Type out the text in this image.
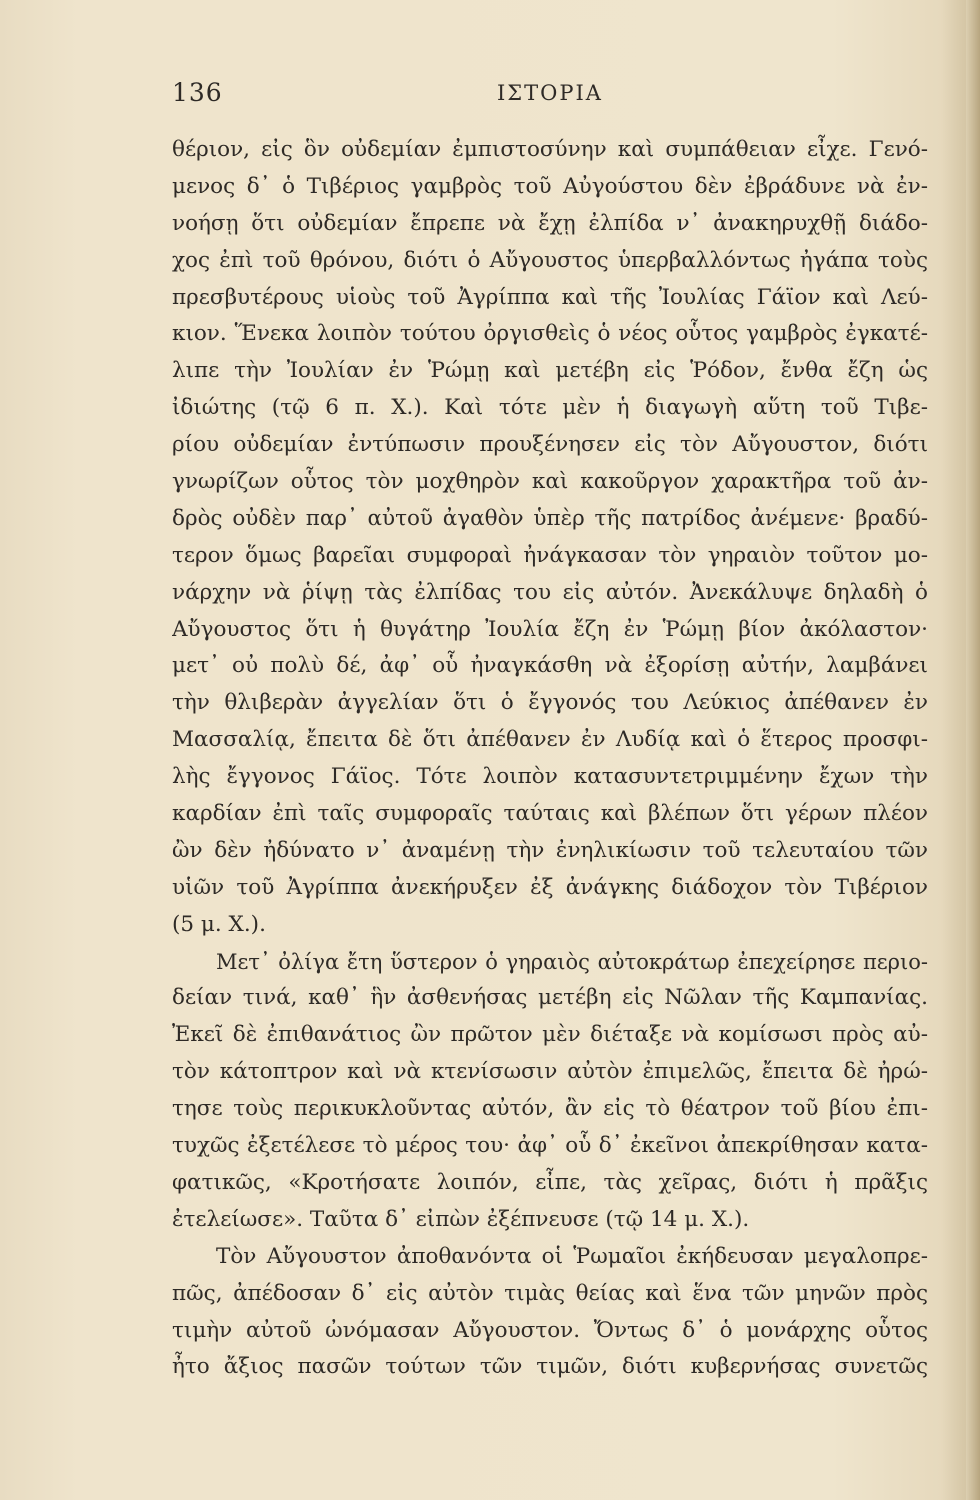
136	ΙΣΤΟΡΙΑ
θέριον, εἰς ὃν οὐδεμίαν ἐμπιστοσύνην καὶ συμπάθειαν εἶχε. Γενό-
μενος δ᾽ ὁ Τιβέριος γαμβρὸς τοῦ Αὐγούστου δὲν ἐβράδυνε νὰ ἐν-
νοήσῃ ὅτι οὐδεμίαν ἔπρεπε νὰ ἔχῃ ἐλπίδα ν᾽ ἀνακηρυχθῇ διάδο-
χος ἐπὶ τοῦ θρόνου, διότι ὁ Αὔγουστος ὑπερβαλλόντως ἠγάπα τοὺς
πρεσβυτέρους υἱοὺς τοῦ Ἀγρίππα καὶ τῆς Ἰουλίας Γάϊον καὶ Λεύ-
κιον. Ἕνεκα λοιπὸν τούτου ὀργισθεὶς ὁ νέος οὗτος γαμβρὸς ἐγκατέ-
λιπε τὴν Ἰουλίαν ἐν Ῥώμῃ καὶ μετέβη εἰς Ῥόδον, ἔνθα ἔζη ὡς
ἰδιώτης (τῷ 6 π. Χ.). Καὶ τότε μὲν ἡ διαγωγὴ αὕτη τοῦ Τιβε-
ρίου οὐδεμίαν ἐντύπωσιν προυξένησεν εἰς τὸν Αὔγουστον, διότι
γνωρίζων οὗτος τὸν μοχθηρὸν καὶ κακοῦργον χαρακτῆρα τοῦ ἀν-
δρὸς οὐδὲν παρ᾽ αὐτοῦ ἀγαθὸν ὑπὲρ τῆς πατρίδος ἀνέμενε· βραδύ-
τερον ὅμως βαρεῖαι συμφοραὶ ἠνάγκασαν τὸν γηραιὸν τοῦτον μο-
νάρχην νὰ ῥίψῃ τὰς ἐλπίδας του εἰς αὐτόν. Ἀνεκάλυψε δηλαδὴ ὁ
Αὔγουστος ὅτι ἡ θυγάτηρ Ἰουλία ἔζη ἐν Ῥώμῃ βίον ἀκόλαστον·
μετ᾽ οὐ πολὺ δέ, ἀφ᾽ οὗ ἠναγκάσθη νὰ ἐξορίσῃ αὐτήν, λαμβάνει
τὴν θλιβερὰν ἀγγελίαν ὅτι ὁ ἔγγονός του Λεύκιος ἀπέθανεν ἐν
Μασσαλίᾳ, ἔπειτα δὲ ὅτι ἀπέθανεν ἐν Λυδίᾳ καὶ ὁ ἕτερος προσφι-
λὴς ἔγγονος Γάϊος. Τότε λοιπὸν κατασυντετριμμένην ἔχων τὴν
καρδίαν ἐπὶ ταῖς συμφοραῖς ταύταις καὶ βλέπων ὅτι γέρων πλέον
ὢν δὲν ἠδύνατο ν᾽ ἀναμένῃ τὴν ἐνηλικίωσιν τοῦ τελευταίου τῶν
υἱῶν τοῦ Ἀγρίππα ἀνεκήρυξεν ἐξ ἀνάγκης διάδοχον τὸν Τιβέριον
(5 μ. Χ.).
Μετ᾽ ὀλίγα ἔτη ὕστερον ὁ γηραιὸς αὐτοκράτωρ ἐπεχείρησε περιο-
δείαν τινά, καθ᾽ ἣν ἀσθενήσας μετέβη εἰς Νῶλαν τῆς Καμπανίας.
Ἐκεῖ δὲ ἐπιθανάτιος ὢν πρῶτον μὲν διέταξε νὰ κομίσωσι πρὸς αὐ-
τὸν κάτοπτρον καὶ νὰ κτενίσωσιν αὐτὸν ἐπιμελῶς, ἔπειτα δὲ ἠρώ-
τησε τοὺς περικυκλοῦντας αὐτόν, ἂν εἰς τὸ θέατρον τοῦ βίου ἐπι-
τυχῶς ἐξετέλεσε τὸ μέρος του· ἀφ᾽ οὗ δ᾽ ἐκεῖνοι ἀπεκρίθησαν κατα-
φατικῶς, «Κροτήσατε λοιπόν, εἶπε, τὰς χεῖρας, διότι ἡ πρᾶξις
ἐτελείωσε». Ταῦτα δ᾽ εἰπὼν ἐξέπνευσε (τῷ 14 μ. Χ.).
Τὸν Αὔγουστον ἀποθανόντα οἱ Ῥωμαῖοι ἐκήδευσαν μεγαλοπρε-
πῶς, ἀπέδοσαν δ᾽ εἰς αὐτὸν τιμὰς θείας καὶ ἕνα τῶν μηνῶν πρὸς
τιμὴν αὐτοῦ ὠνόμασαν Αὔγουστον. Ὄντως δ᾽ ὁ μονάρχης οὗτος
ἦτο ἄξιος πασῶν τούτων τῶν τιμῶν, διότι κυβερνήσας συνετῶς
